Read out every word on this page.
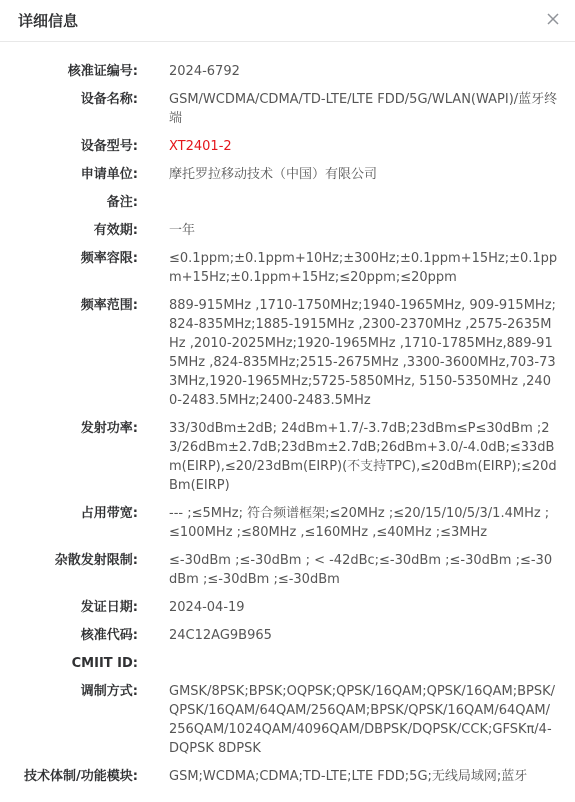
详细信息
核准证编号: 2024-6792
设备名称: GSM/WCDMA/CDMA/TD-LTE/LTE FDD/5G/WLAN(WAPI)/蓝牙终端
设备型号: XT2401-2
申请单位: 摩托罗拉移动技术（中国）有限公司
备注:
有效期: 一年
频率容限: ≤0.1ppm;±0.1ppm+10Hz;±300Hz;±0.1ppm+15Hz;±0.1ppm+15Hz;±0.1ppm+15Hz;≤20ppm;≤20ppm
频率范围: 889-915MHz ,1710-1750MHz;1940-1965MHz, 909-915MHz;824-835MHz;1885-1915MHz ,2300-2370MHz ,2575-2635MHz ,2010-2025MHz;1920-1965MHz ,1710-1785MHz,889-915MHz ,824-835MHz;2515-2675MHz ,3300-3600MHz,703-733MHz,1920-1965MHz;5725-5850MHz, 5150-5350MHz ,2400-2483.5MHz;2400-2483.5MHz
发射功率: 33/30dBm±2dB; 24dBm+1.7/-3.7dB;23dBm≤P≤30dBm ;23/26dBm±2.7dB;23dBm±2.7dB;26dBm+3.0/-4.0dB;≤33dBm(EIRP),≤20/23dBm(EIRP)(不支持TPC),≤20dBm(EIRP);≤20dBm(EIRP)
占用带宽: --- ;≤5MHz; 符合频谱框架;≤20MHz ;≤20/15/10/5/3/1.4MHz ;≤100MHz ;≤80MHz ,≤160MHz ,≤40MHz ;≤3MHz
杂散发射限制: ≤-30dBm ;≤-30dBm ; < -42dBc;≤-30dBm ;≤-30dBm ;≤-30dBm ;≤-30dBm ;≤-30dBm
发证日期: 2024-04-19
核准代码: 24C12AG9B965
CMIIT ID:
调制方式: GMSK/8PSK;BPSK;OQPSK;QPSK/16QAM;QPSK/16QAM;BPSK/QPSK/16QAM/64QAM/256QAM;BPSK/QPSK/16QAM/64QAM/256QAM/1024QAM/4096QAM/DBPSK/DQPSK/CCK;GFSKπ/4-DQPSK 8DPSK
技术体制/功能模块: GSM;WCDMA;CDMA;TD-LTE;LTE FDD;5G;无线局域网;蓝牙
